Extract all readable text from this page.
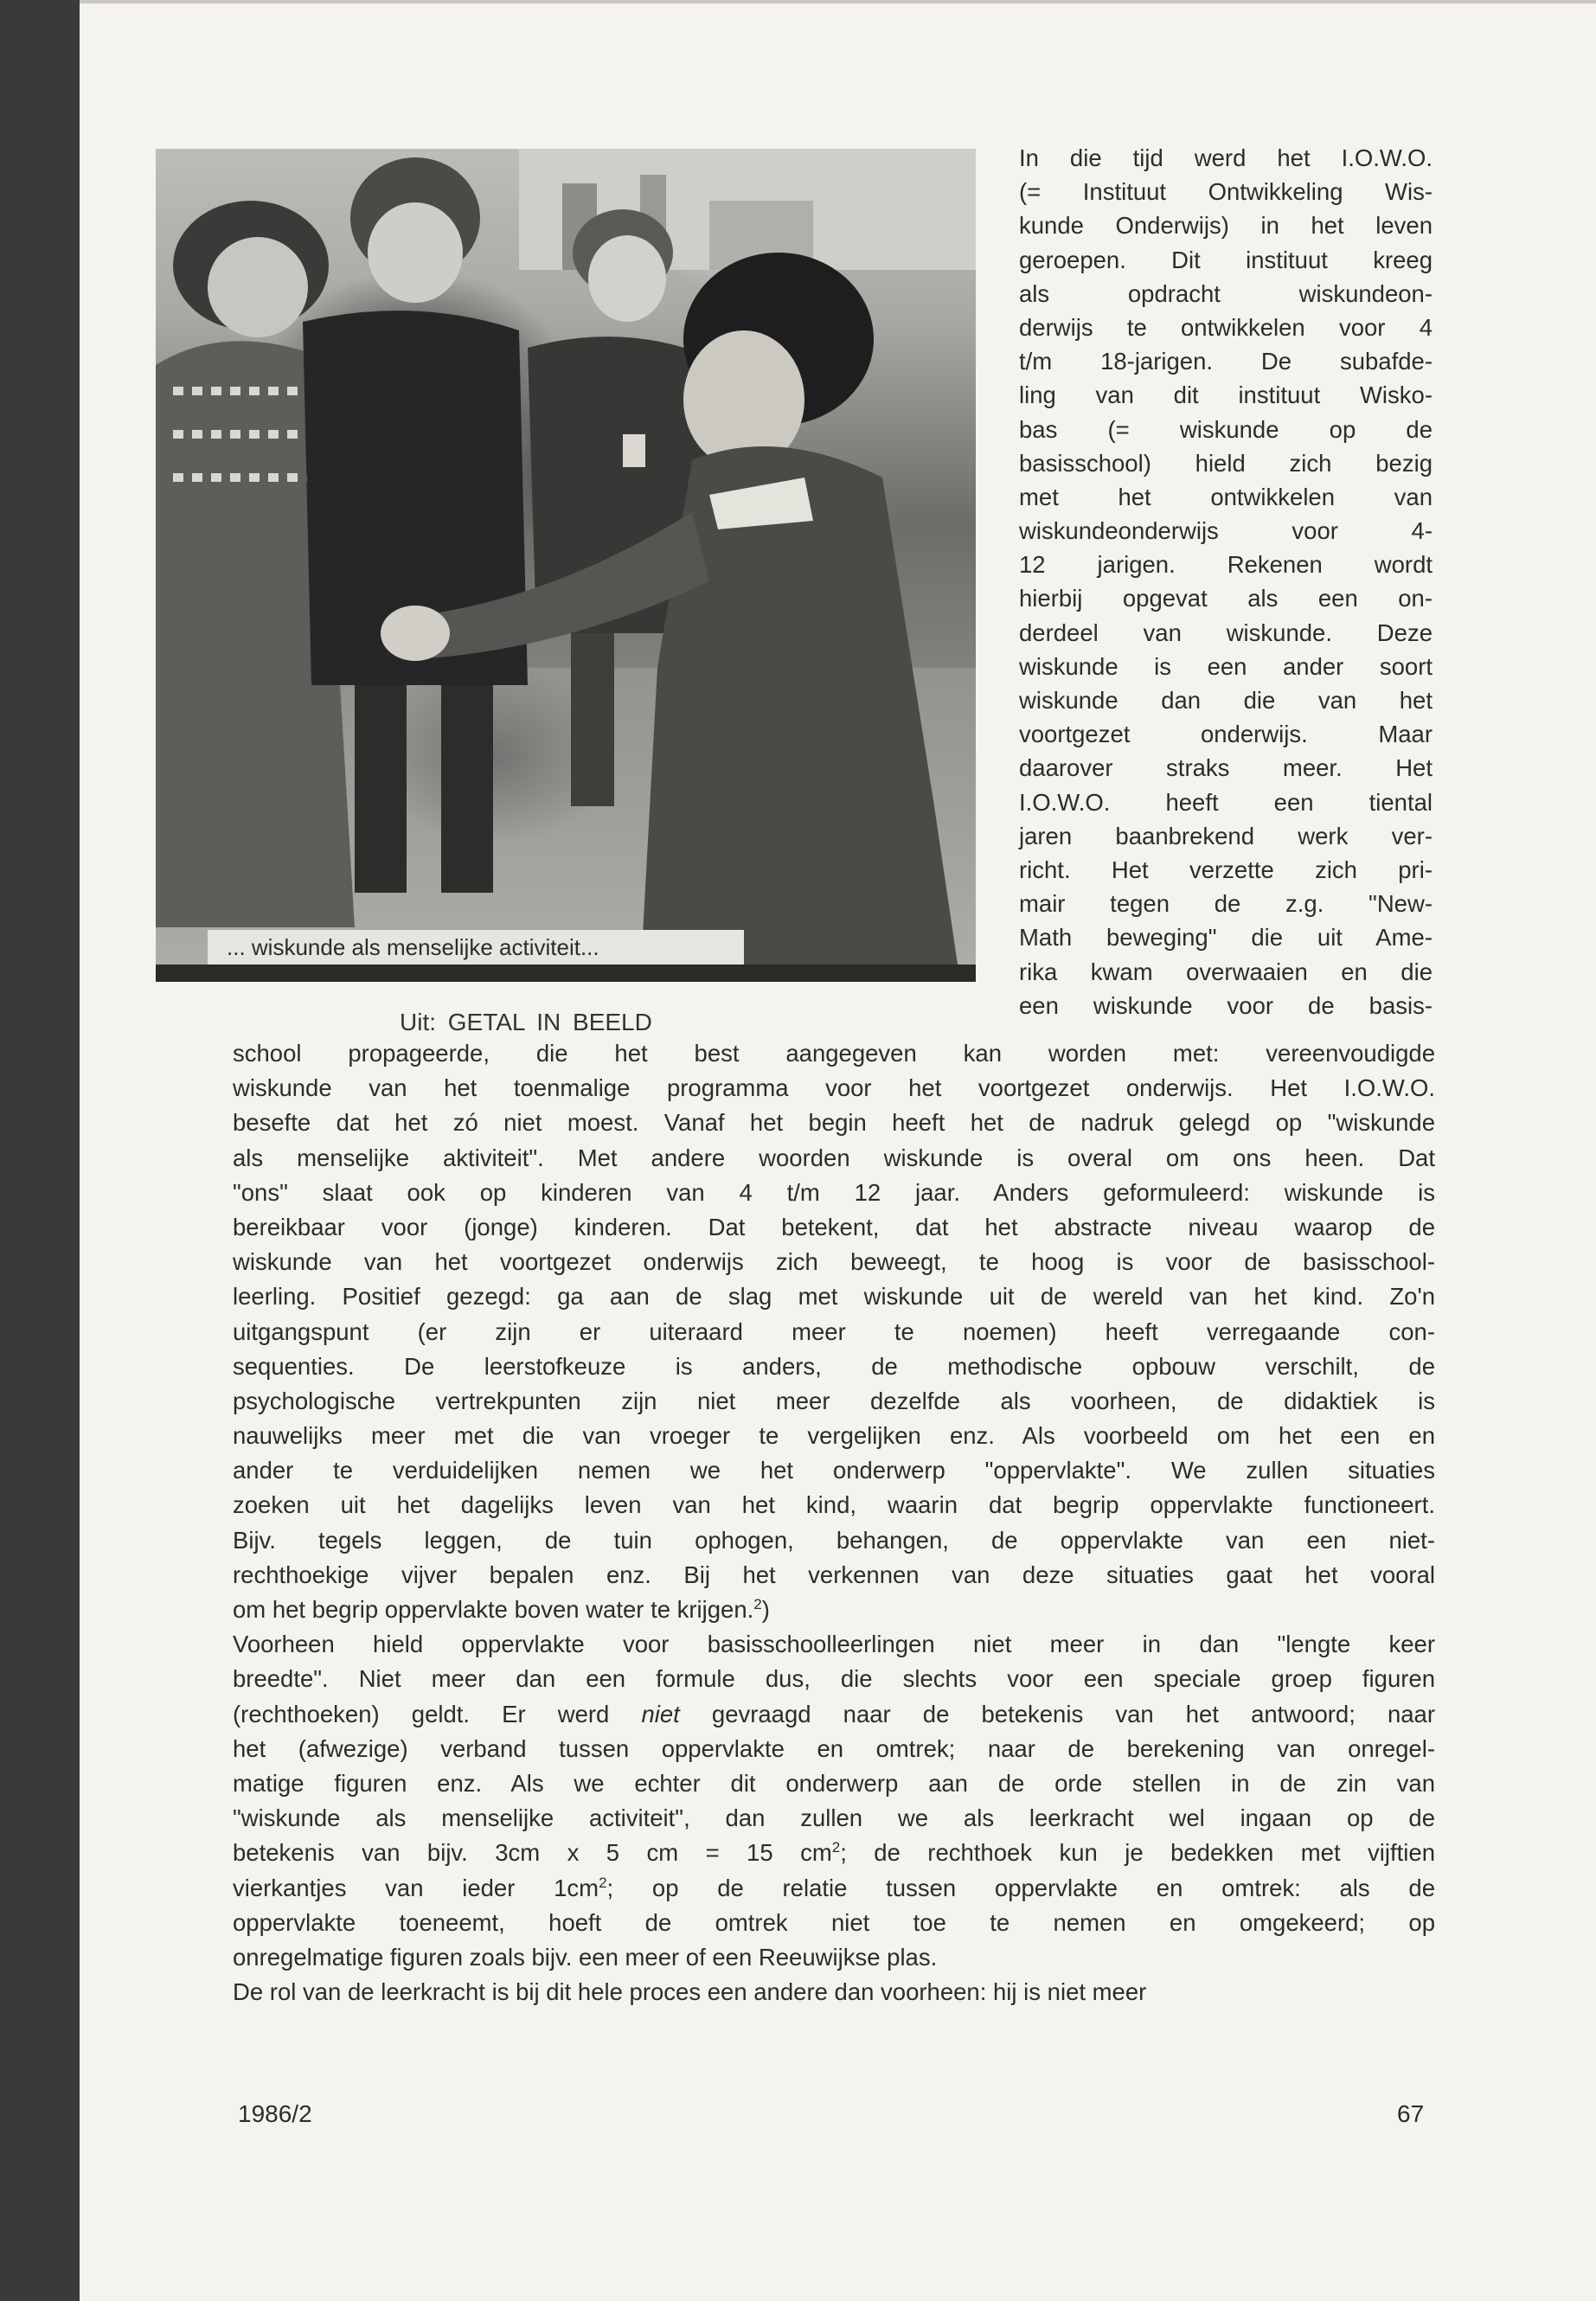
... wiskunde als menselijke activiteit...
Uit: GETAL IN BEELD
In die tijd werd het I.O.W.O.
(= Instituut Ontwikkeling Wis-
kunde Onderwijs) in het leven
geroepen. Dit instituut kreeg
als opdracht wiskundeon-
derwijs te ontwikkelen voor 4
t/m 18-jarigen. De subafde-
ling van dit instituut Wisko-
bas (= wiskunde op de
basisschool) hield zich bezig
met het ontwikkelen van
wiskundeonderwijs voor 4-
12 jarigen. Rekenen wordt
hierbij opgevat als een on-
derdeel van wiskunde. Deze
wiskunde is een ander soort
wiskunde dan die van het
voortgezet onderwijs. Maar
daarover straks meer. Het
I.O.W.O. heeft een tiental
jaren baanbrekend werk ver-
richt. Het verzette zich pri-
mair tegen de z.g. "New-
Math beweging" die uit Ame-
rika kwam overwaaien en die
een wiskunde voor de basis-
school propageerde, die het best aangegeven kan worden met: vereenvoudigde
wiskunde van het toenmalige programma voor het voortgezet onderwijs. Het I.O.W.O.
besefte dat het zó niet moest. Vanaf het begin heeft het de nadruk gelegd op "wiskunde
als menselijke aktiviteit". Met andere woorden wiskunde is overal om ons heen. Dat
"ons" slaat ook op kinderen van 4 t/m 12 jaar. Anders geformuleerd: wiskunde is
bereikbaar voor (jonge) kinderen. Dat betekent, dat het abstracte niveau waarop de
wiskunde van het voortgezet onderwijs zich beweegt, te hoog is voor de basisschool-
leerling. Positief gezegd: ga aan de slag met wiskunde uit de wereld van het kind. Zo'n
uitgangspunt (er zijn er uiteraard meer te noemen) heeft verregaande con-
sequenties. De leerstofkeuze is anders, de methodische opbouw verschilt, de
psychologische vertrekpunten zijn niet meer dezelfde als voorheen, de didaktiek is
nauwelijks meer met die van vroeger te vergelijken enz. Als voorbeeld om het een en
ander te verduidelijken nemen we het onderwerp "oppervlakte". We zullen situaties
zoeken uit het dagelijks leven van het kind, waarin dat begrip oppervlakte functioneert.
Bijv. tegels leggen, de tuin ophogen, behangen, de oppervlakte van een niet-
rechthoekige vijver bepalen enz. Bij het verkennen van deze situaties gaat het vooral
om het begrip oppervlakte boven water te krijgen.$^2$)
Voorheen hield oppervlakte voor basisschoolleerlingen niet meer in dan "lengte keer
breedte". Niet meer dan een formule dus, die slechts voor een speciale groep figuren
(rechthoeken) geldt. Er werd niet gevraagd naar de betekenis van het antwoord; naar
het (afwezige) verband tussen oppervlakte en omtrek; naar de berekening van onregel-
matige figuren enz. Als we echter dit onderwerp aan de orde stellen in de zin van
"wiskunde als menselijke activiteit", dan zullen we als leerkracht wel ingaan op de
betekenis van bijv. 3cm x 5 cm = 15 $cm^2$; de rechthoek kun je bedekken met vijftien
vierkantjes van ieder $1cm^2$; op de relatie tussen oppervlakte en omtrek: als de
oppervlakte toeneemt, hoeft de omtrek niet toe te nemen en omgekeerd; op
onregelmatige figuren zoals bijv. een meer of een Reeuwijkse plas.
De rol van de leerkracht is bij dit hele proces een andere dan voorheen: hij is niet meer
1986/2	67
